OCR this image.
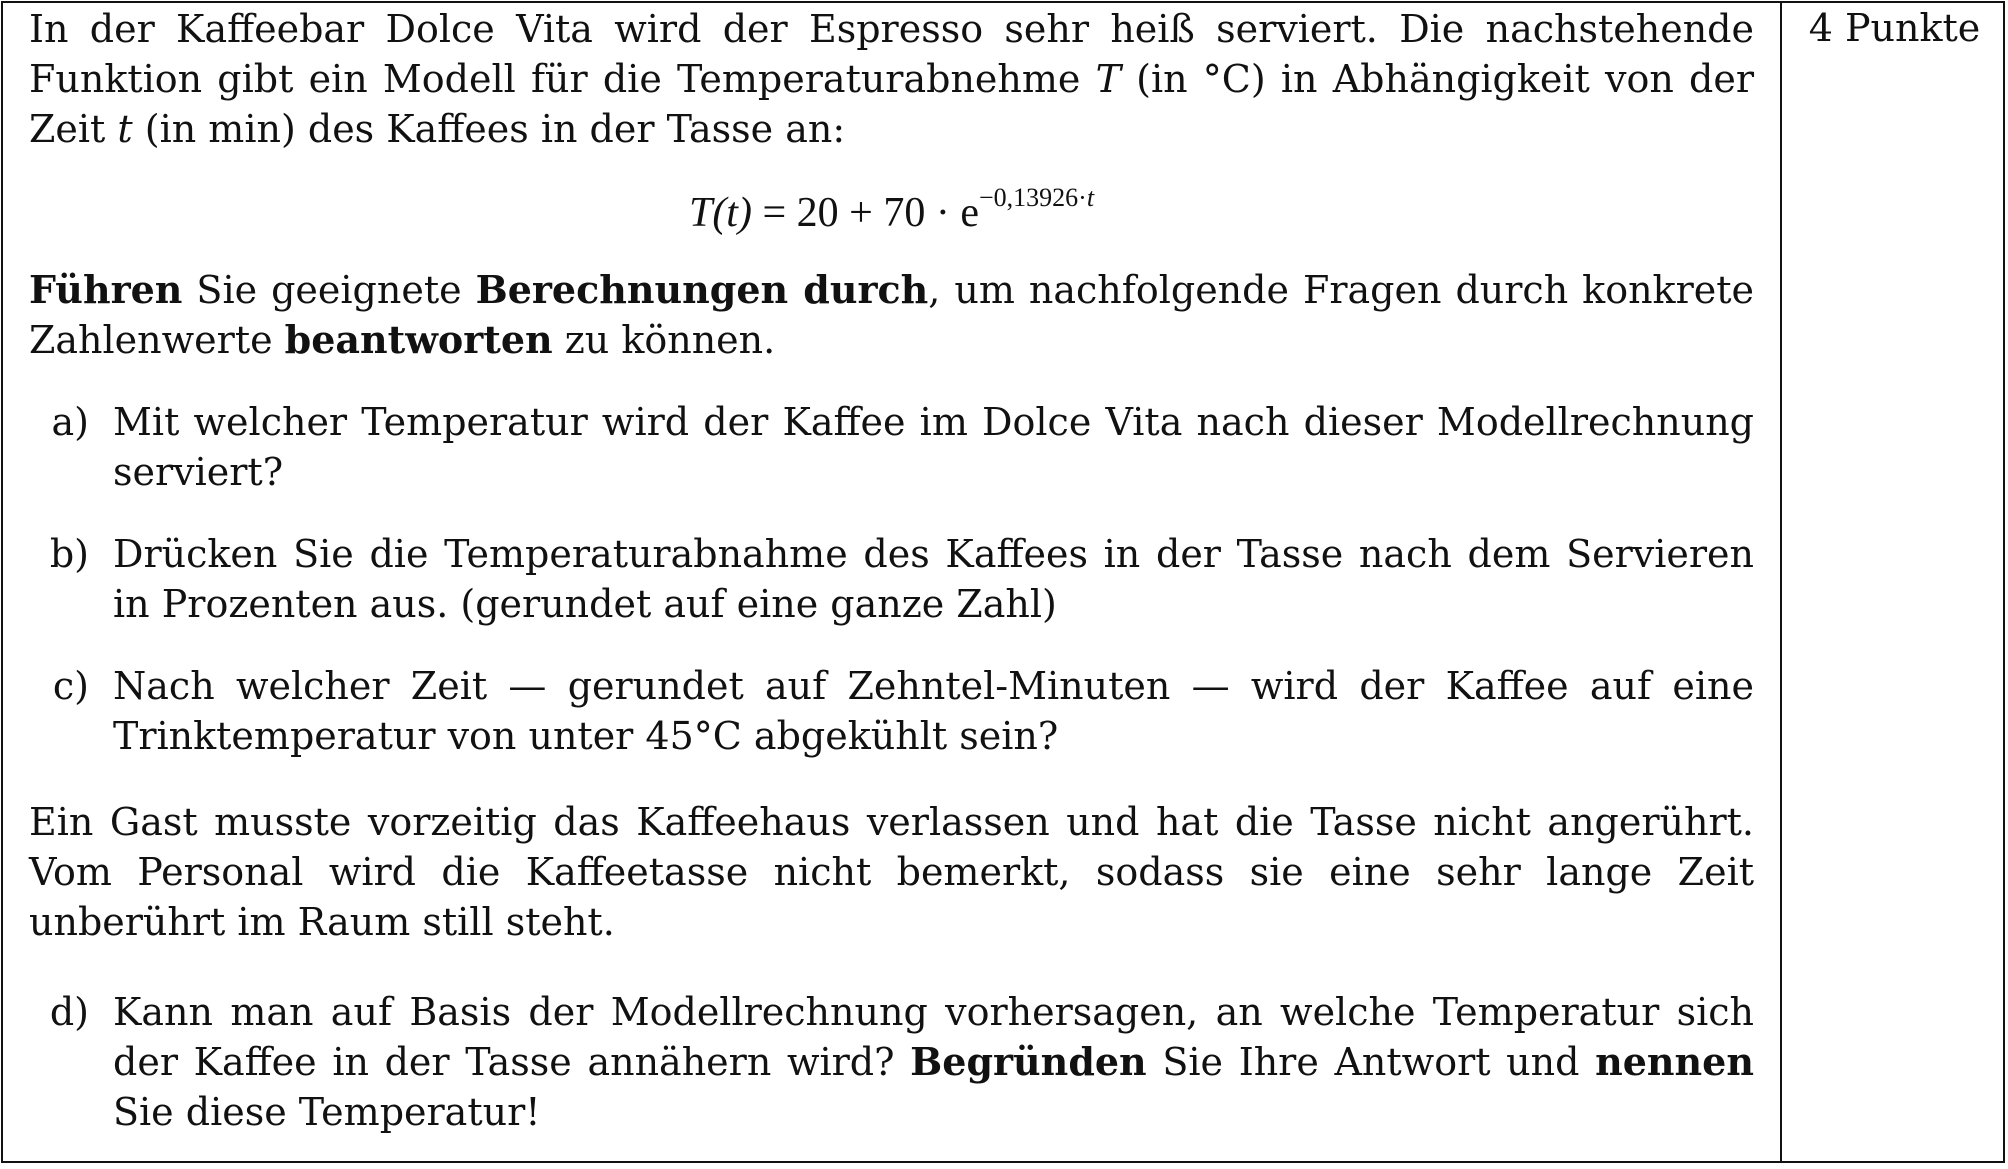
4 Punkte

In der Kaffeebar Dolce Vita wird der Espresso sehr heiß serviert. Die nachstehende Funktion gibt ein Modell für die Temperaturabnehme T (in °C) in Abhängigkeit von der Zeit t (in min) des Kaffees in der Tasse an:

$T(t) = 20 + 70 \cdot e^{-0,13926\cdot t}$

Führen Sie geeignete Berechnungen durch, um nachfolgende Fragen durch konkrete Zahlenwerte beantworten zu können.

a) Mit welcher Temperatur wird der Kaffee im Dolce Vita nach dieser Modellrechnung serviert?
b) Drücken Sie die Temperaturabnahme des Kaffees in der Tasse nach dem Servieren in Prozenten aus. (gerundet auf eine ganze Zahl)
c) Nach welcher Zeit — gerundet auf Zehntel-Minuten — wird der Kaffee auf eine Trinktemperatur von unter 45°C abgekühlt sein?

Ein Gast musste vorzeitig das Kaffeehaus verlassen und hat die Tasse nicht angerührt. Vom Personal wird die Kaffeetasse nicht bemerkt, sodass sie eine sehr lange Zeit unberührt im Raum still steht.

d) Kann man auf Basis der Modellrechnung vorhersagen, an welche Temperatur sich der Kaffee in der Tasse annähern wird? Begründen Sie Ihre Antwort und nennen Sie diese Temperatur!
